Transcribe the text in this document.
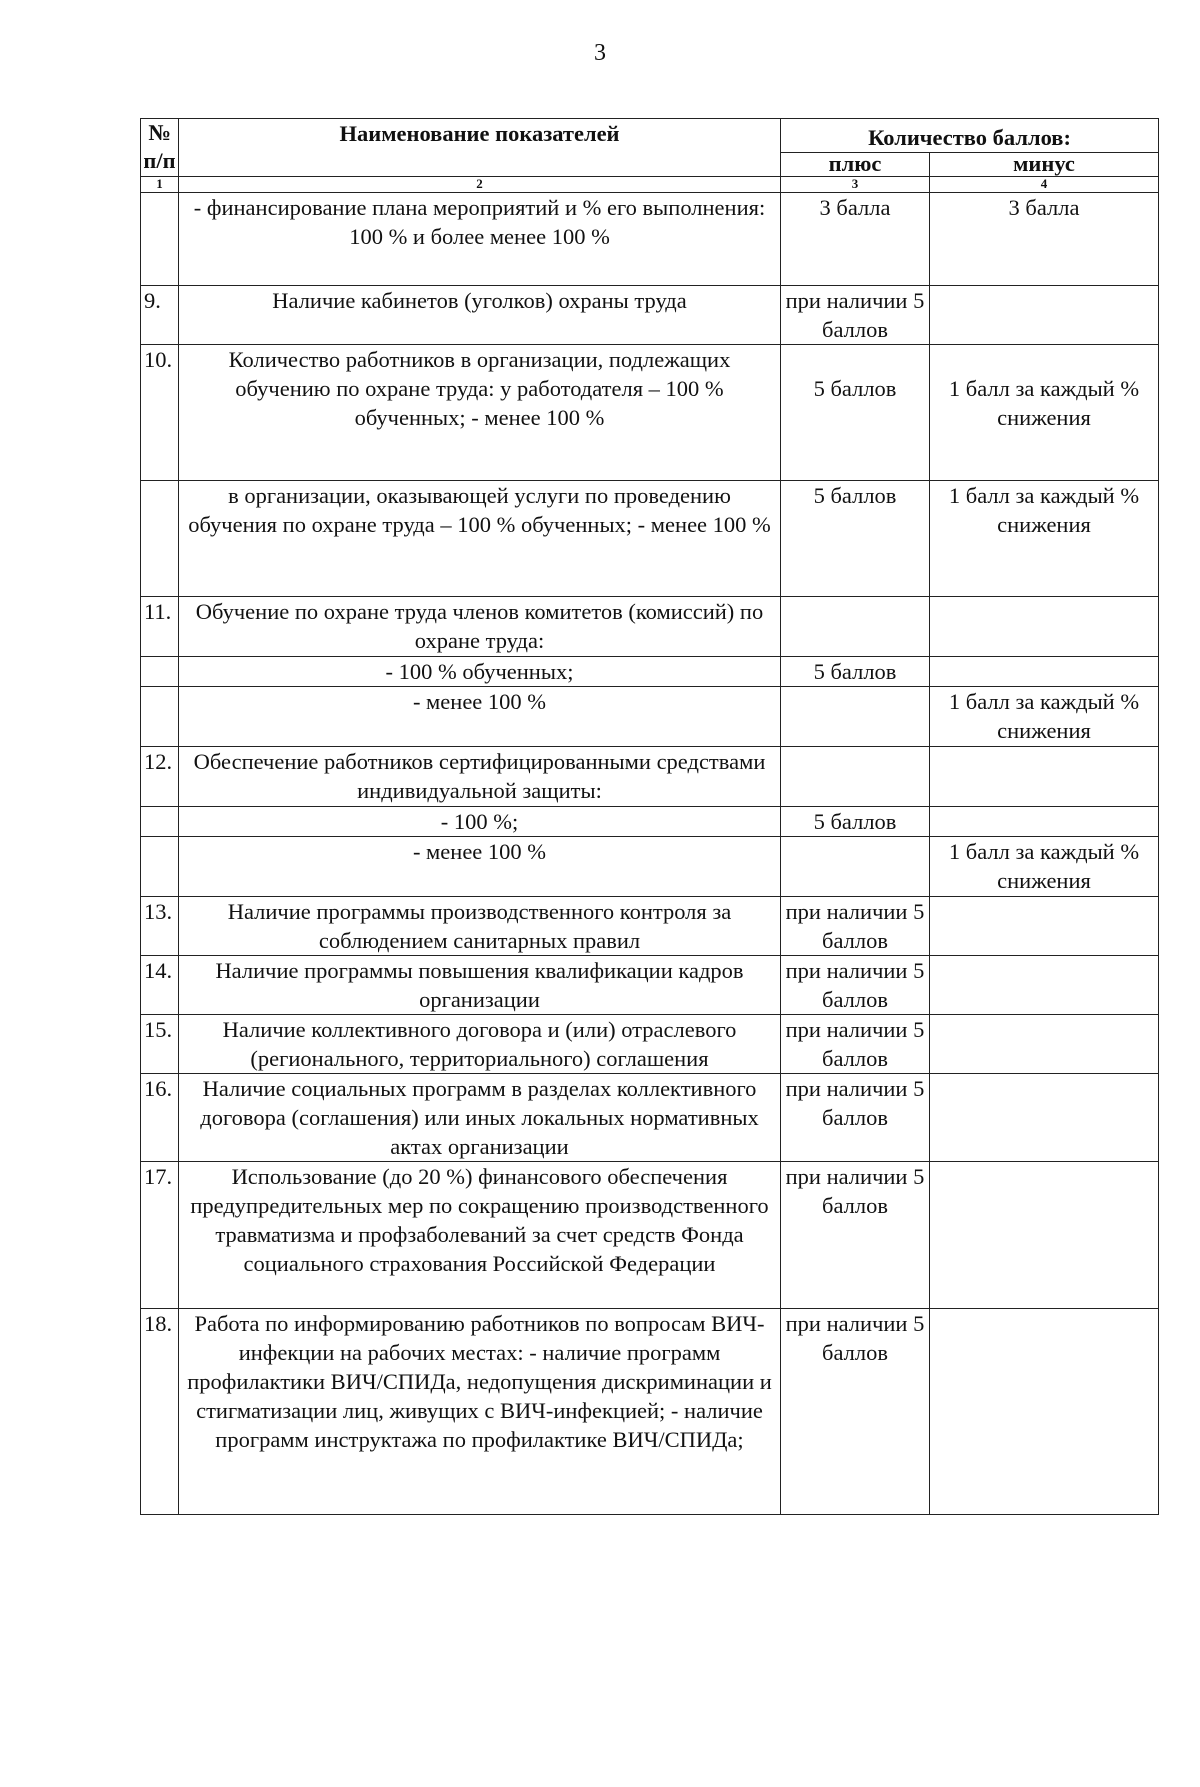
3
№ п/п	Наименование показателей	Количество баллов:	
		плюс	минус
1	2	3	4
	- финансирование плана мероприятий и % его выполнения: 100 % и более менее 100 %	3 балла	3 балла
9.	Наличие кабинетов (уголков) охраны труда	при наличии 5 баллов	
10.	Количество работников в организации, подлежащих обучению по охране труда: у работодателя – 100 % обученных; - менее 100 %	5 баллов	1 балл за каждый % снижения
	в организации, оказывающей услуги по проведению обучения по охране труда – 100 % обученных; - менее 100 %	5 баллов	1 балл за каждый % снижения
11.	Обучение по охране труда членов комитетов (комиссий) по охране труда:		
	- 100 % обученных;	5 баллов	
	- менее 100 %		1 балл за каждый % снижения
12.	Обеспечение работников сертифицированными средствами индивидуальной защиты:		
	- 100 %;	5 баллов	
	- менее 100 %		1 балл за каждый % снижения
13.	Наличие программы производственного контроля за соблюдением санитарных правил	при наличии 5 баллов	
14.	Наличие программы повышения квалификации кадров организации	при наличии 5 баллов	
15.	Наличие коллективного договора и (или) отраслевого (регионального, территориального) соглашения	при наличии 5 баллов	
16.	Наличие социальных программ в разделах коллективного договора (соглашения) или иных локальных нормативных актах организации	при наличии 5 баллов	
17.	Использование (до 20 %) финансового обеспечения предупредительных мер по сокращению производственного травматизма и профзаболеваний за счет средств Фонда социального страхования Российской Федерации	при наличии 5 баллов	
18.	Работа по информированию работников по вопросам ВИЧ-инфекции на рабочих местах: - наличие программ профилактики ВИЧ/СПИДа, недопущения дискриминации и стигматизации лиц, живущих с ВИЧ-инфекцией; - наличие программ инструктажа по профилактике ВИЧ/СПИДа;	при наличии 5 баллов	
